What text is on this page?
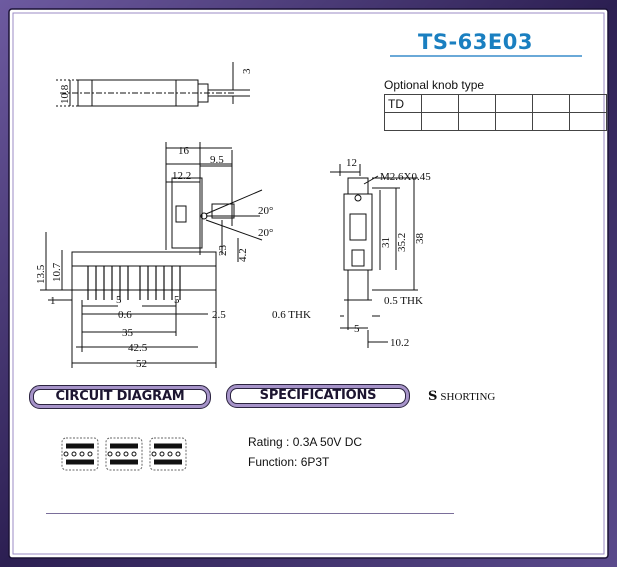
TS-63E03
Optional knob type
TD					

10.8
3
16
9.5
12.2
20°
20°
23 4.2
13.5 10.7
1	5	5
0.6	2.5
35
42.5
52
12
M2.6X0.45
31 35.2 38
0.6 THK
0.5 THK
5
10.2
CIRCUIT DIAGRAM	SPECIFICATIONS	S SHORTING
Rating : 0.3A 50V DC
Function: 6P3T
